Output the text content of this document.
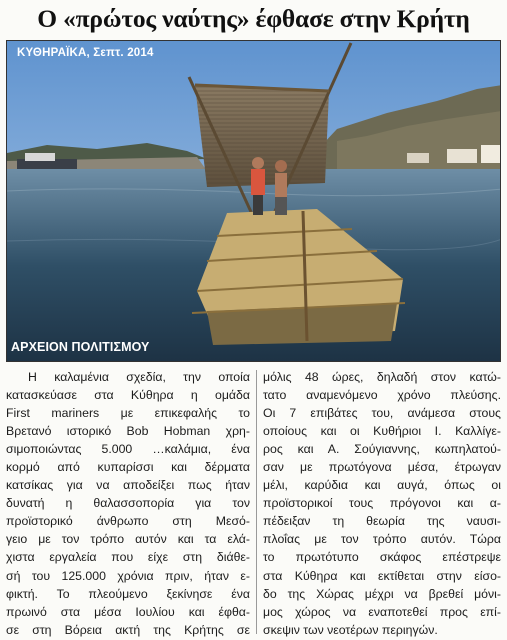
Ο «πρώτος ναύτης» έφθασε στην Κρήτη
ΚΥΘΗΡΑΪΚΑ, Σεπτ. 2014
ΑΡΧΕΙΟΝ ΠΟΛΙΤΙΣΜΟΥ
Η καλαμένια σχεδία, την οποία
κατασκεύασε στα Κύθηρα η ομάδα
First mariners με επικεφαλής το
Βρετανό ιστορικό Bob Hobman χρη-
σιμοποιώντας 5.000 …καλάμια, ένα
κορμό από κυπαρίσσι και δέρματα
κατσίκας για να αποδείξει πως ήταν
δυνατή η θαλασσοπορία για τον
προϊστορικό άνθρωπο στη Μεσό-
γειο με τον τρόπο αυτόν και τα ελά-
χιστα εργαλεία που είχε στη διάθε-
σή του 125.000 χρόνια πριν, ήταν ε-
φικτή. Το πλεούμενο ξεκίνησε ένα
πρωινό στα μέσα Ιουλίου και έφθα-
σε στη Βόρεια ακτή της Κρήτης σε
μόλις 48 ώρες, δηλαδή στον κατώ-
τατο αναμενόμενο χρόνο πλεύσης.
Οι 7 επιβάτες του, ανάμεσα στους
οποίους και οι Κυθήριοι Ι. Καλλίγε-
ρος και Α. Σούγιαννης, κωπηλατού-
σαν με πρωτόγονα μέσα, έτρωγαν
μέλι, καρύδια και αυγά, όπως οι
προϊστορικοί τους πρόγονοι και α-
πέδειξαν τη θεωρία της ναυσι-
πλοΐας με τον τρόπο αυτόν. Τώρα
το πρωτότυπο σκάφος επέστρεψε
στα Κύθηρα και εκτίθεται στην είσο-
δο της Χώρας μέχρι να βρεθεί μόνι-
μος χώρος να εναποτεθεί προς επί-
σκεψιν των νεοτέρων περιηγών.
